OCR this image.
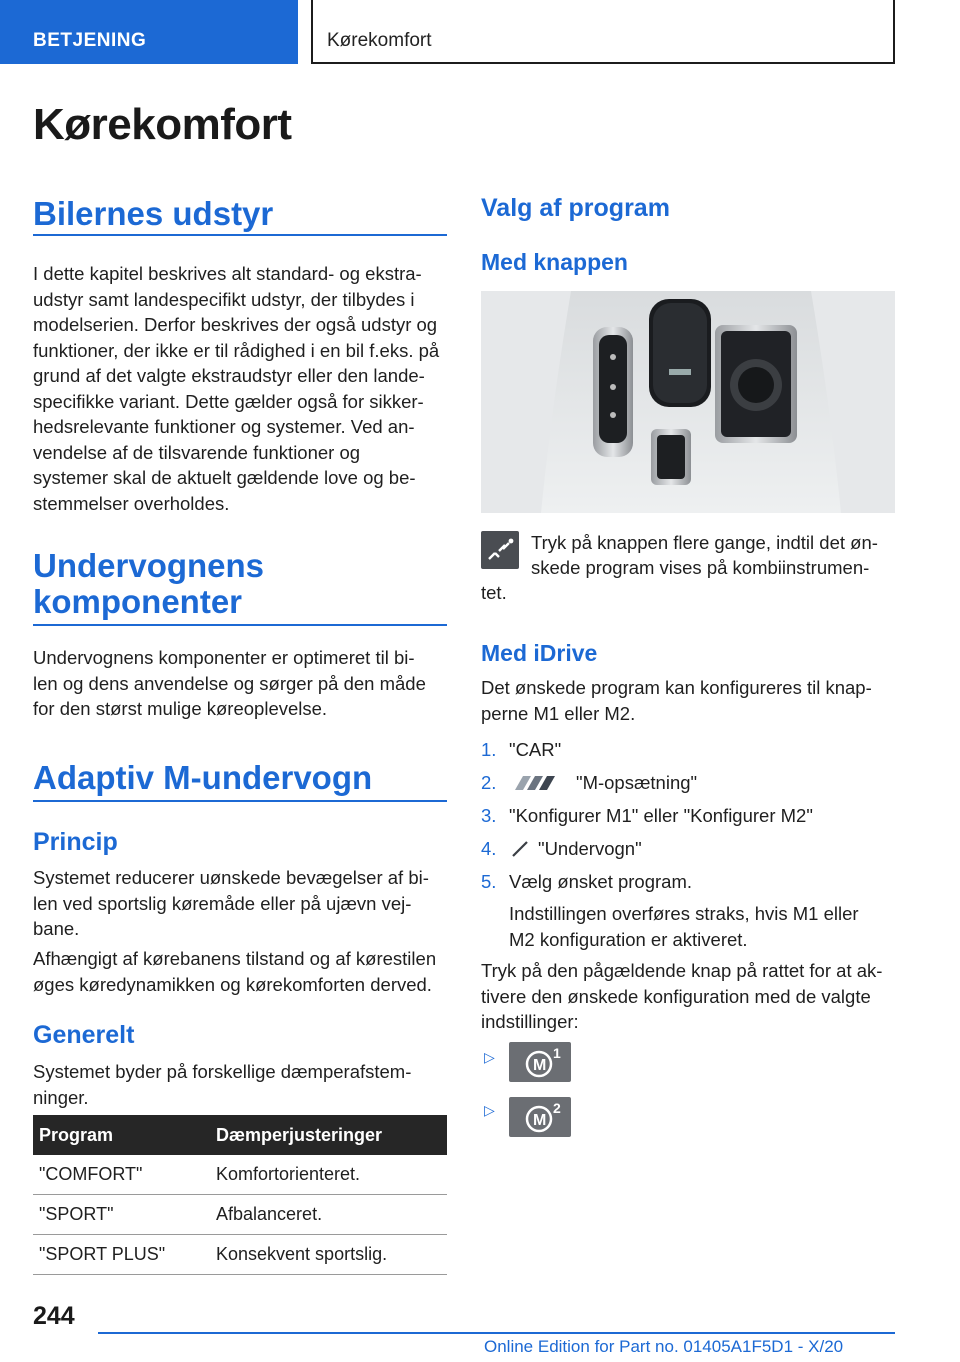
BETJENING	Kørekomfort
Kørekomfort
Bilernes udstyr
I dette kapitel beskrives alt standard- og ekstra-
udstyr samt landespecifikt udstyr, der tilbydes i
modelserien. Derfor beskrives der også udstyr og
funktioner, der ikke er til rådighed i en bil f.eks. på
grund af det valgte ekstraudstyr eller den lande-
specifikke variant. Dette gælder også for sikker-
hedsrelevante funktioner og systemer. Ved an-
vendelse af de tilsvarende funktioner og
systemer skal de aktuelt gældende love og be-
stemmelser overholdes.
Undervognens
komponenter
Undervognens komponenter er optimeret til bi-
len og dens anvendelse og sørger på den måde
for den størst mulige køreoplevelse.
Adaptiv M-undervogn
Princip
Systemet reducerer uønskede bevægelser af bi-
len ved sportslig køremåde eller på ujævn vej-
bane.
Afhængigt af kørebanens tilstand og af kørestilen
øges køredynamikken og kørekomforten derved.
Generelt
Systemet byder på forskellige dæmperafstem-
ninger.
Program	Dæmperjusteringer
"COMFORT"	Komfortorienteret.
"SPORT"	Afbalanceret.
"SPORT PLUS"	Konsekvent sportslig.
Valg af program
Med knappen
Tryk på knappen flere gange, indtil det øn-
skede program vises på kombiinstrumen-
tet.
Med iDrive
Det ønskede program kan konfigureres til knap-
perne M1 eller M2.
1. "CAR"
2.	"M-opsætning"
3. "Konfigurer M1" eller "Konfigurer M2"
4. "Undervogn"
5. Vælg ønsket program.
Indstillingen overføres straks, hvis M1 eller
M2 konfiguration er aktiveret.
Tryk på den pågældende knap på rattet for at ak-
tivere den ønskede konfiguration med de valgte
indstillinger:
▷ M
1
▷
M
2
244
Online Edition for Part no. 01405A1F5D1 - X/20
